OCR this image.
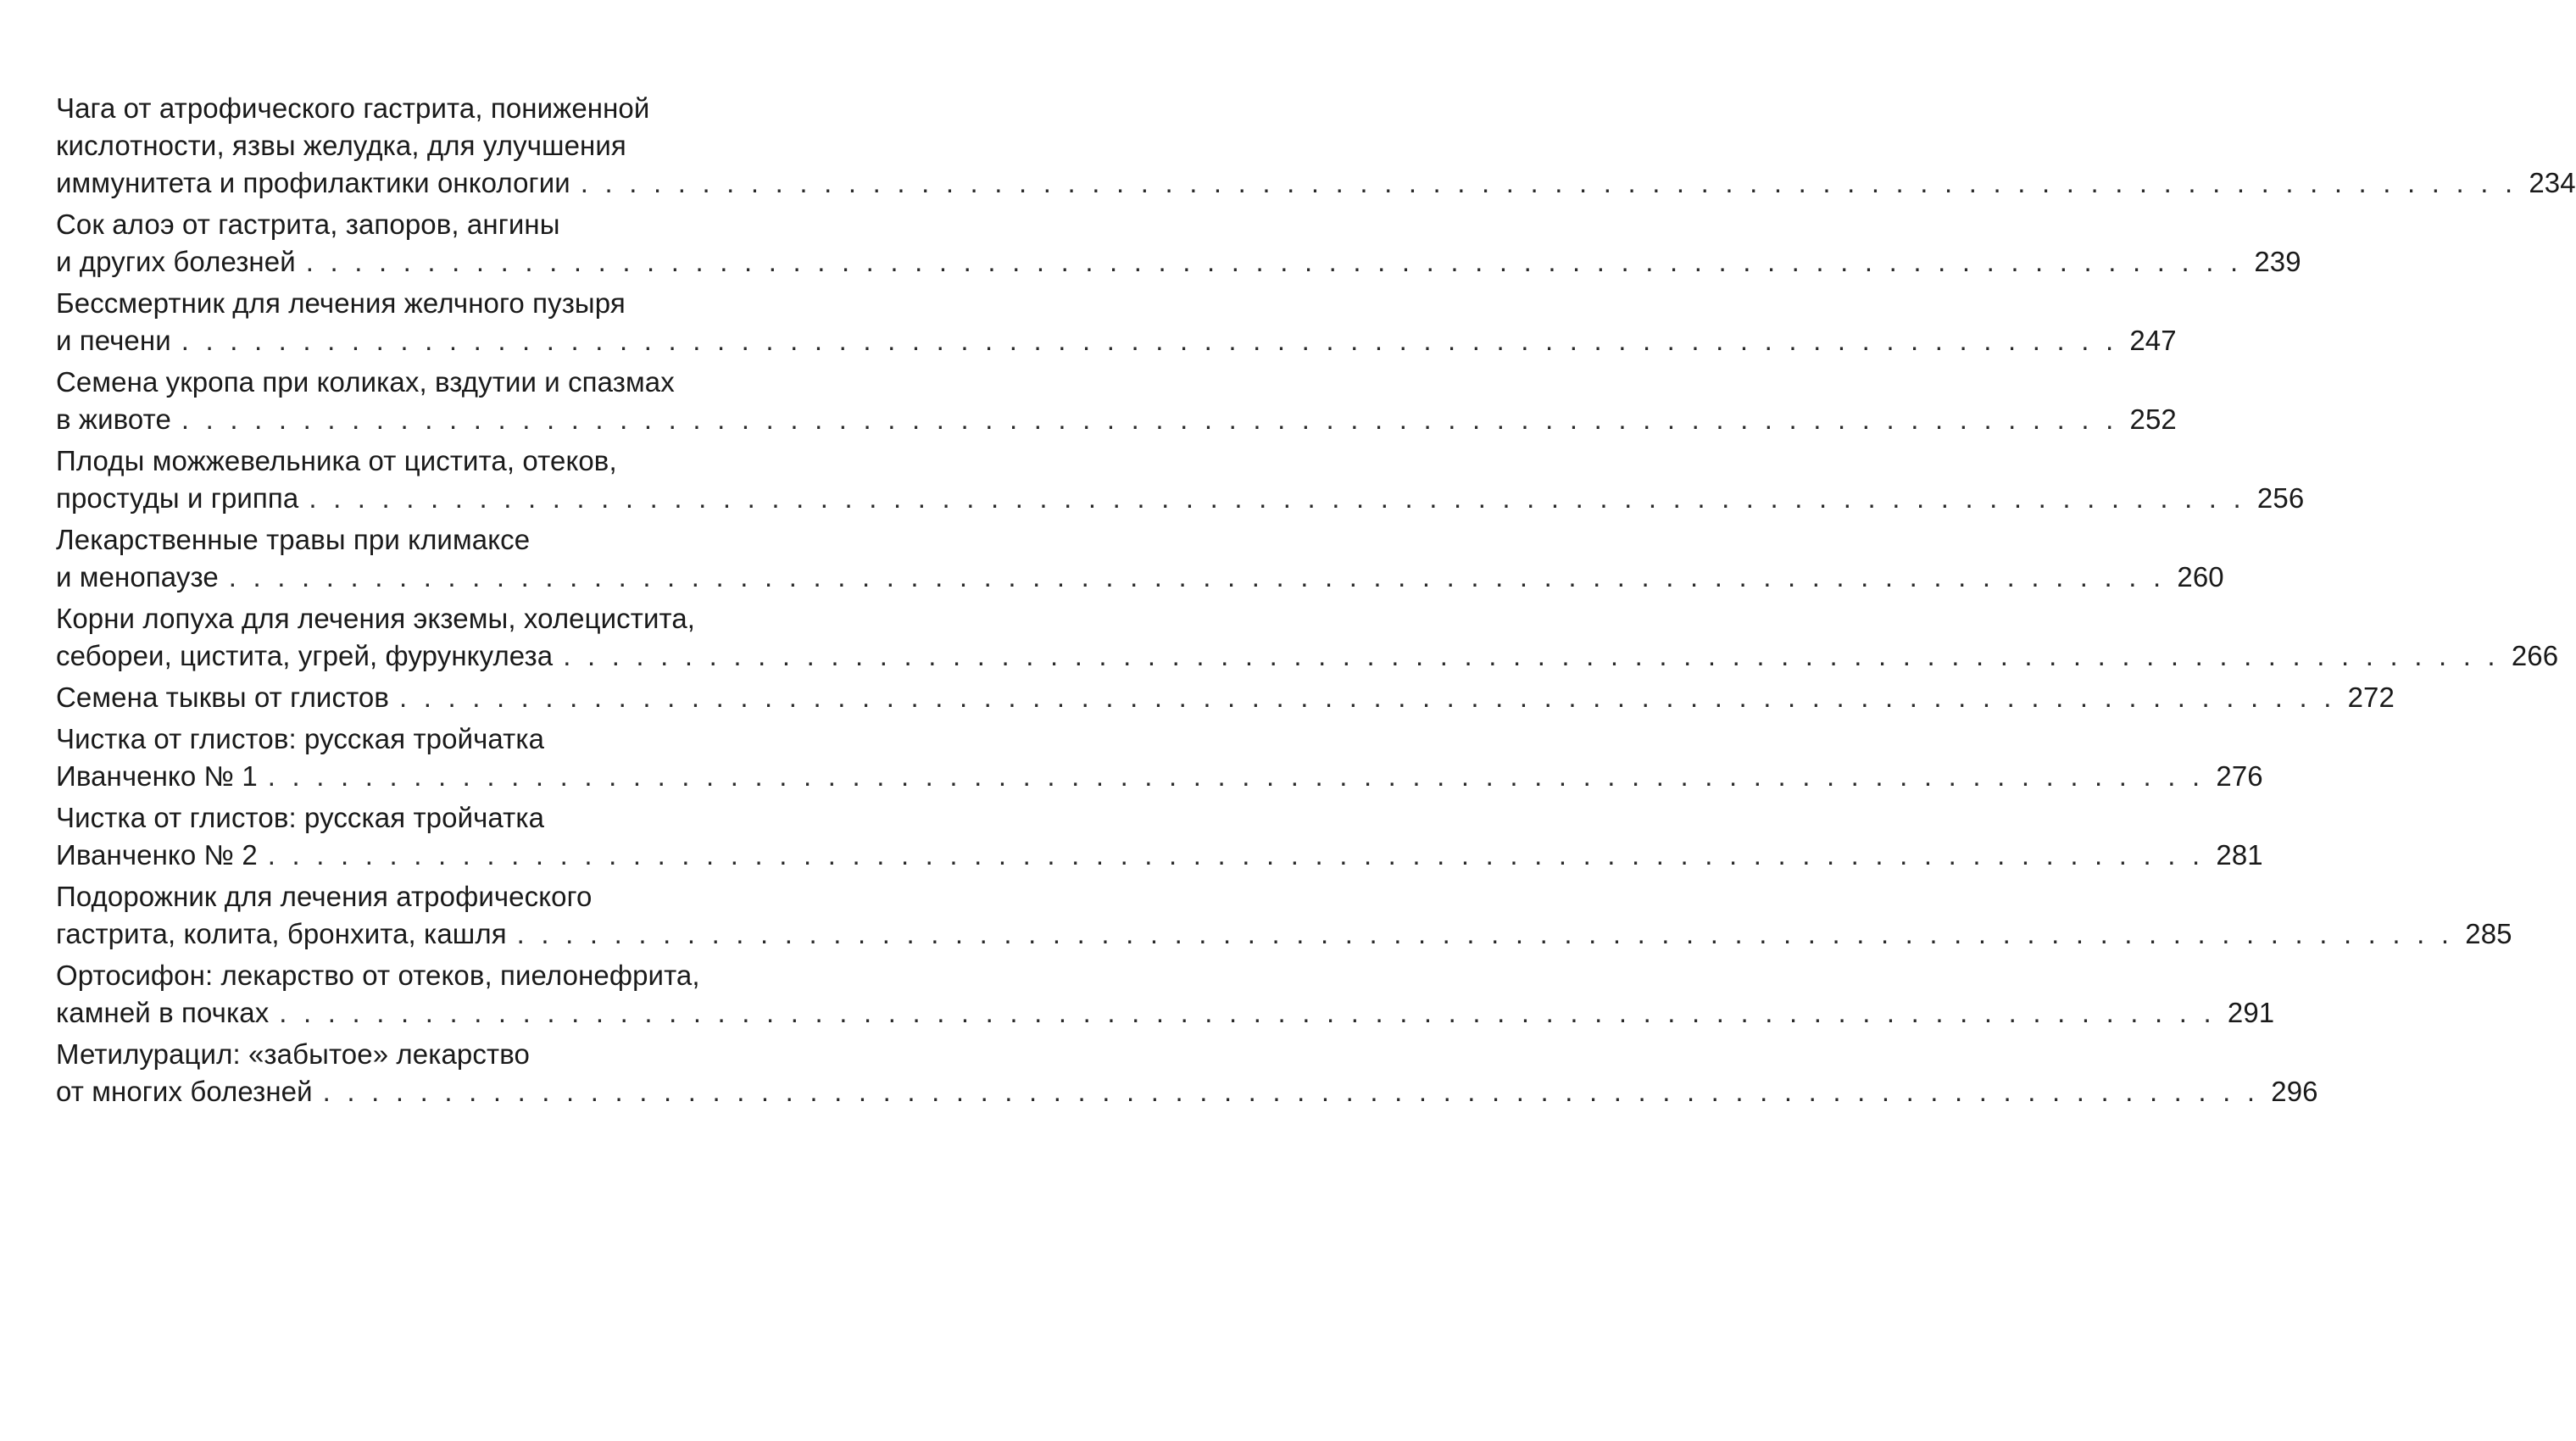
Чага от атрофического гастрита, пониженной
кислотности, язвы желудка, для улучшения
иммунитета и профилактики онкологии . . . . . . . . . . . . . . . . . . . . . . . . . . . . . . . . . . . . . . . . . . . . . . . . . . . . . . . . . . . . . . . . . . . . . . . . . . . . . . . . 234
Сок алоэ от гастрита, запоров, ангины
и других болезней . . . . . . . . . . . . . . . . . . . . . . . . . . . . . . . . . . . . . . . . . . . . . . . . . . . . . . . . . . . . . . . . . . . . . . . . . . . . . . . . 239
Бессмертник для лечения желчного пузыря
и печени . . . . . . . . . . . . . . . . . . . . . . . . . . . . . . . . . . . . . . . . . . . . . . . . . . . . . . . . . . . . . . . . . . . . . . . . . . . . . . . . 247
Семена укропа при коликах, вздутии и спазмах
в животе . . . . . . . . . . . . . . . . . . . . . . . . . . . . . . . . . . . . . . . . . . . . . . . . . . . . . . . . . . . . . . . . . . . . . . . . . . . . . . . . 252
Плоды можжевельника от цистита, отеков,
простуды и гриппа . . . . . . . . . . . . . . . . . . . . . . . . . . . . . . . . . . . . . . . . . . . . . . . . . . . . . . . . . . . . . . . . . . . . . . . . . . . . . . . . 256
Лекарственные травы при климаксе
и менопаузе . . . . . . . . . . . . . . . . . . . . . . . . . . . . . . . . . . . . . . . . . . . . . . . . . . . . . . . . . . . . . . . . . . . . . . . . . . . . . . . . 260
Корни лопуха для лечения экземы, холецистита,
себореи, цистита, угрей, фурункулеза . . . . . . . . . . . . . . . . . . . . . . . . . . . . . . . . . . . . . . . . . . . . . . . . . . . . . . . . . . . . . . . . . . . . . . . . . . . . . . . . 266
Семена тыквы от глистов . . . . . . . . . . . . . . . . . . . . . . . . . . . . . . . . . . . . . . . . . . . . . . . . . . . . . . . . . . . . . . . . . . . . . . . . . . . . . . . . 272
Чистка от глистов: русская тройчатка
Иванченко № 1 . . . . . . . . . . . . . . . . . . . . . . . . . . . . . . . . . . . . . . . . . . . . . . . . . . . . . . . . . . . . . . . . . . . . . . . . . . . . . . . . 276
Чистка от глистов: русская тройчатка
Иванченко № 2 . . . . . . . . . . . . . . . . . . . . . . . . . . . . . . . . . . . . . . . . . . . . . . . . . . . . . . . . . . . . . . . . . . . . . . . . . . . . . . . . 281
Подорожник для лечения атрофического
гастрита, колита, бронхита, кашля . . . . . . . . . . . . . . . . . . . . . . . . . . . . . . . . . . . . . . . . . . . . . . . . . . . . . . . . . . . . . . . . . . . . . . . . . . . . . . . . 285
Ортосифон: лекарство от отеков, пиелонефрита,
камней в почках . . . . . . . . . . . . . . . . . . . . . . . . . . . . . . . . . . . . . . . . . . . . . . . . . . . . . . . . . . . . . . . . . . . . . . . . . . . . . . . . 291
Метилурацил: «забытое» лекарство
от многих болезней . . . . . . . . . . . . . . . . . . . . . . . . . . . . . . . . . . . . . . . . . . . . . . . . . . . . . . . . . . . . . . . . . . . . . . . . . . . . . . . . 296
